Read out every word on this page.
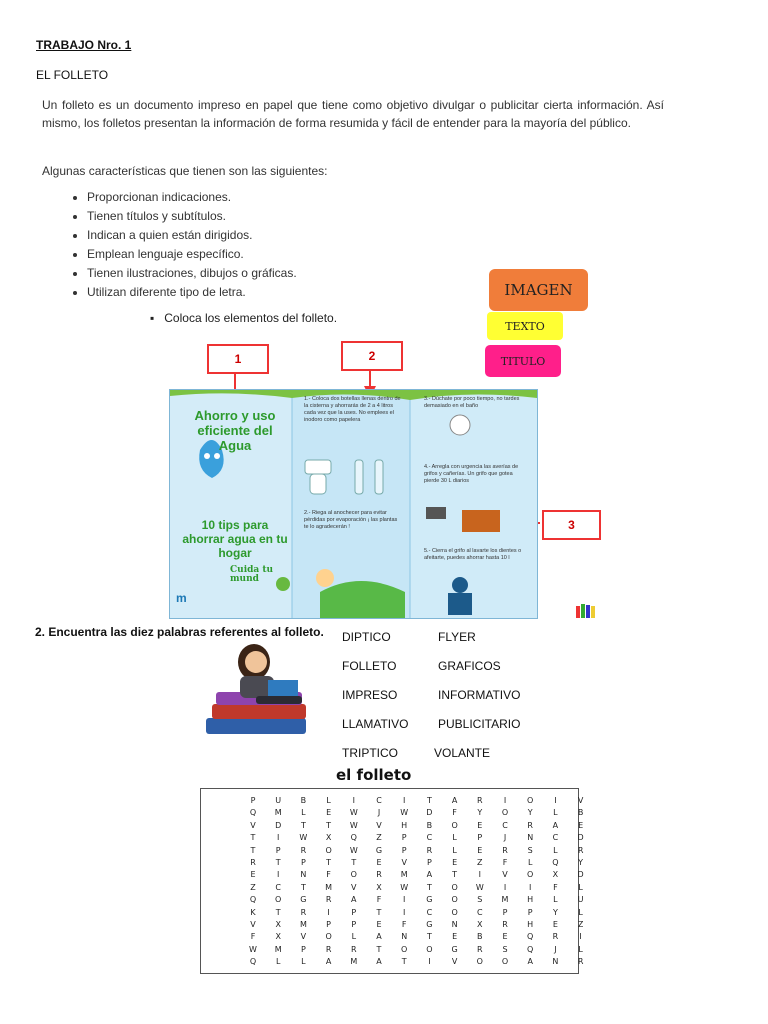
TRABAJO Nro. 1
EL FOLLETO
Un folleto es un documento impreso en papel que tiene como objetivo divulgar o publicitar cierta información. Así mismo, los folletos presentan la información de forma resumida y fácil de entender para la mayoría del público.
Algunas características que tienen son las siguientes:
• Proporcionan indicaciones.
• Tienen títulos y subtítulos.
• Indican a quien están dirigidos.
• Emplean lenguaje específico.
• Tienen ilustraciones, dibujos o gráficas.
• Utilizan diferente tipo de letra.
▪ Coloca los elementos del folleto.
IMAGEN
TEXTO
TITULO
1	2
3
m
Ahorro y uso eficiente del Agua
10 tips para ahorrar agua en tu hogar
Cuida tu mund
1.- Coloca dos botellas llenas dentro de la cisterna y ahorrarás de 2 a 4 litros cada vez que la uses. No emplees el inodoro como papelera
2.- Riega al anochecer para evitar pérdidas por evaporación ¡ las plantas te lo agradecerán !
3.- Dúchate por poco tiempo, no tardes demasiado en el baño
4.- Arregla con urgencia las averías de grifos y cañerías. Un grifo que gotea pierde 30 L diarios
5.- Cierra el grifo al lavarte los dientes o afeitarte, puedes ahorrar hasta 10 l
2. Encuentra las diez palabras referentes al folleto. DIPTICO	FLYER
FOLLETO	GRAFICOS
IMPRESO	INFORMATIVO
LLAMATIVO PUBLICITARIO
TRIPTICO	VOLANTE
el folleto
P	U	B	L	I	C	I	T	A	R	I	O	I	V
Q	M	L	E	W	J	W	D	F	Y	O	Y	L	B
V	D	T	T	W	V	H	B	O	E	C	R	A	E
T	I	W	X	Q	Z	P	C	L	P	J	N	C	D
T	P	R	O	W	G	P	R	L	E	R	S	L	R
R	T	P	T	T	E	V	P	E	Z	F	L	Q	Y
E	I	N	F	O	R	M	A	T	I	V	O	X	D
Z	C	T	M	V	X	W	T	O	W	I	I	F	L
Q	O	G	R	A	F	I	G	O	S	M	H	L	U
K	T	R	I	P	T	I	C	O	C	P	P	Y	L
V	X	M	P	P	E	F	G	N	X	R	H	E	Z
F	X	V	O	L	A	N	T	E	B	E	Q	R	I
W	M	P	R	R	T	O	O	G	R	S	Q	J	L
Q	L	L	A	M	A	T	I	V	O	O	A	N	R
